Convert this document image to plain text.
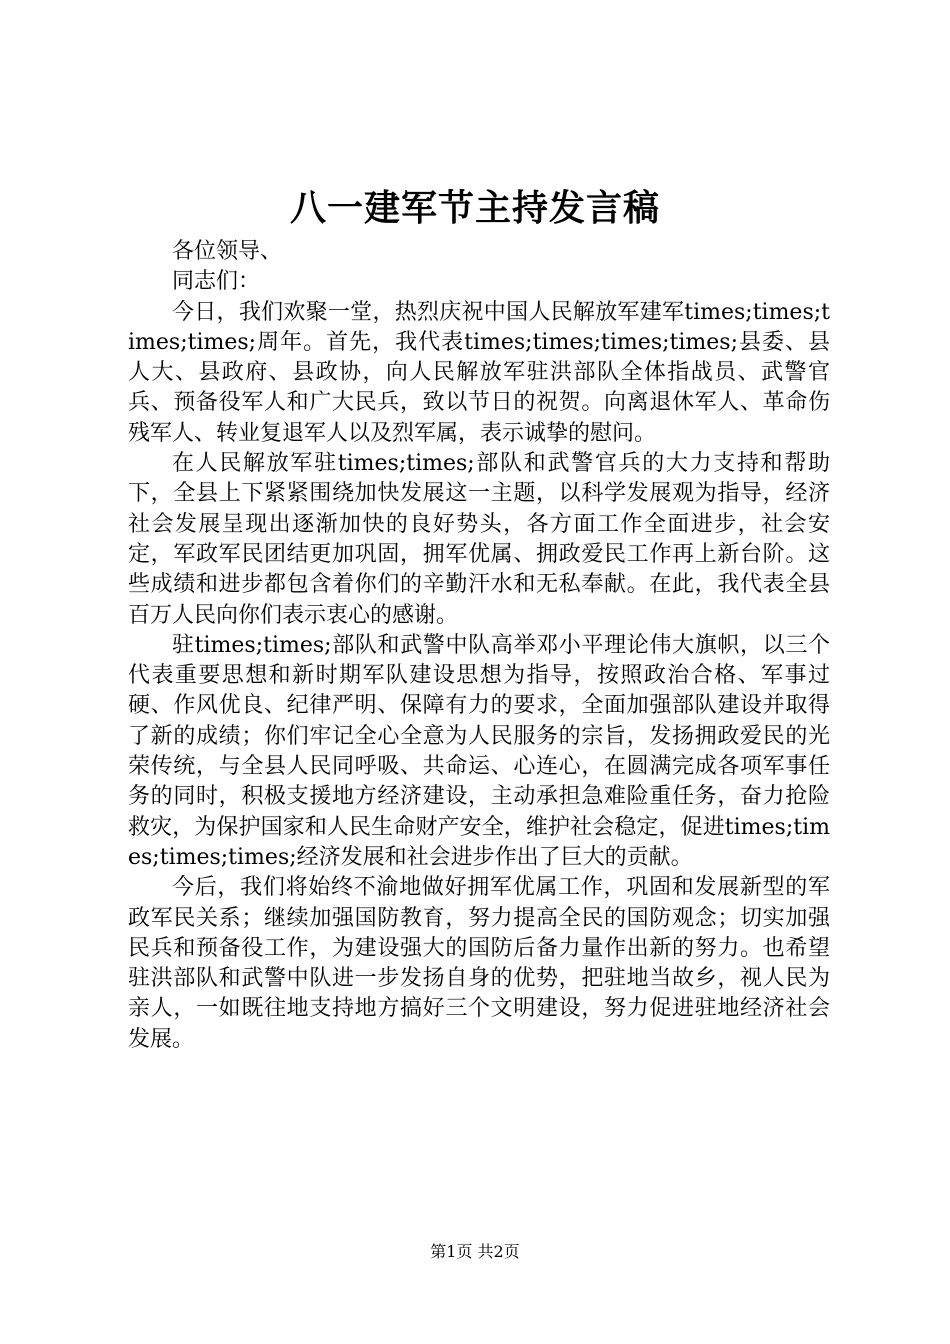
八一建军节主持发言稿

各位领导、

同志们：

今日，我们欢聚一堂，热烈庆祝中国人民解放军建军times;times;times;times;周年。首先，我代表times;times;times;times;县委、县人大、县政府、县政协，向人民解放军驻洪部队全体指战员、武警官兵、预备役军人和广大民兵，致以节日的祝贺。向离退休军人、革命伤残军人、转业复退军人以及烈军属，表示诚挚的慰问。

在人民解放军驻times;times;部队和武警官兵的大力支持和帮助下，全县上下紧紧围绕加快发展这一主题，以科学发展观为指导，经济社会发展呈现出逐渐加快的良好势头，各方面工作全面进步，社会安定，军政军民团结更加巩固，拥军优属、拥政爱民工作再上新台阶。这些成绩和进步都包含着你们的辛勤汗水和无私奉献。在此，我代表全县百万人民向你们表示衷心的感谢。

驻times;times;部队和武警中队高举邓小平理论伟大旗帜，以三个代表重要思想和新时期军队建设思想为指导，按照政治合格、军事过硬、作风优良、纪律严明、保障有力的要求，全面加强部队建设并取得了新的成绩；你们牢记全心全意为人民服务的宗旨，发扬拥政爱民的光荣传统，与全县人民同呼吸、共命运、心连心，在圆满完成各项军事任务的同时，积极支援地方经济建设，主动承担急难险重任务，奋力抢险救灾，为保护国家和人民生命财产安全，维护社会稳定，促进times;times;times;times;经济发展和社会进步作出了巨大的贡献。

今后，我们将始终不渝地做好拥军优属工作，巩固和发展新型的军政军民关系；继续加强国防教育，努力提高全民的国防观念；切实加强民兵和预备役工作，为建设强大的国防后备力量作出新的努力。也希望驻洪部队和武警中队进一步发扬自身的优势，把驻地当故乡，视人民为亲人，一如既往地支持地方搞好三个文明建设，努力促进驻地经济社会发展。

第1页 共2页
